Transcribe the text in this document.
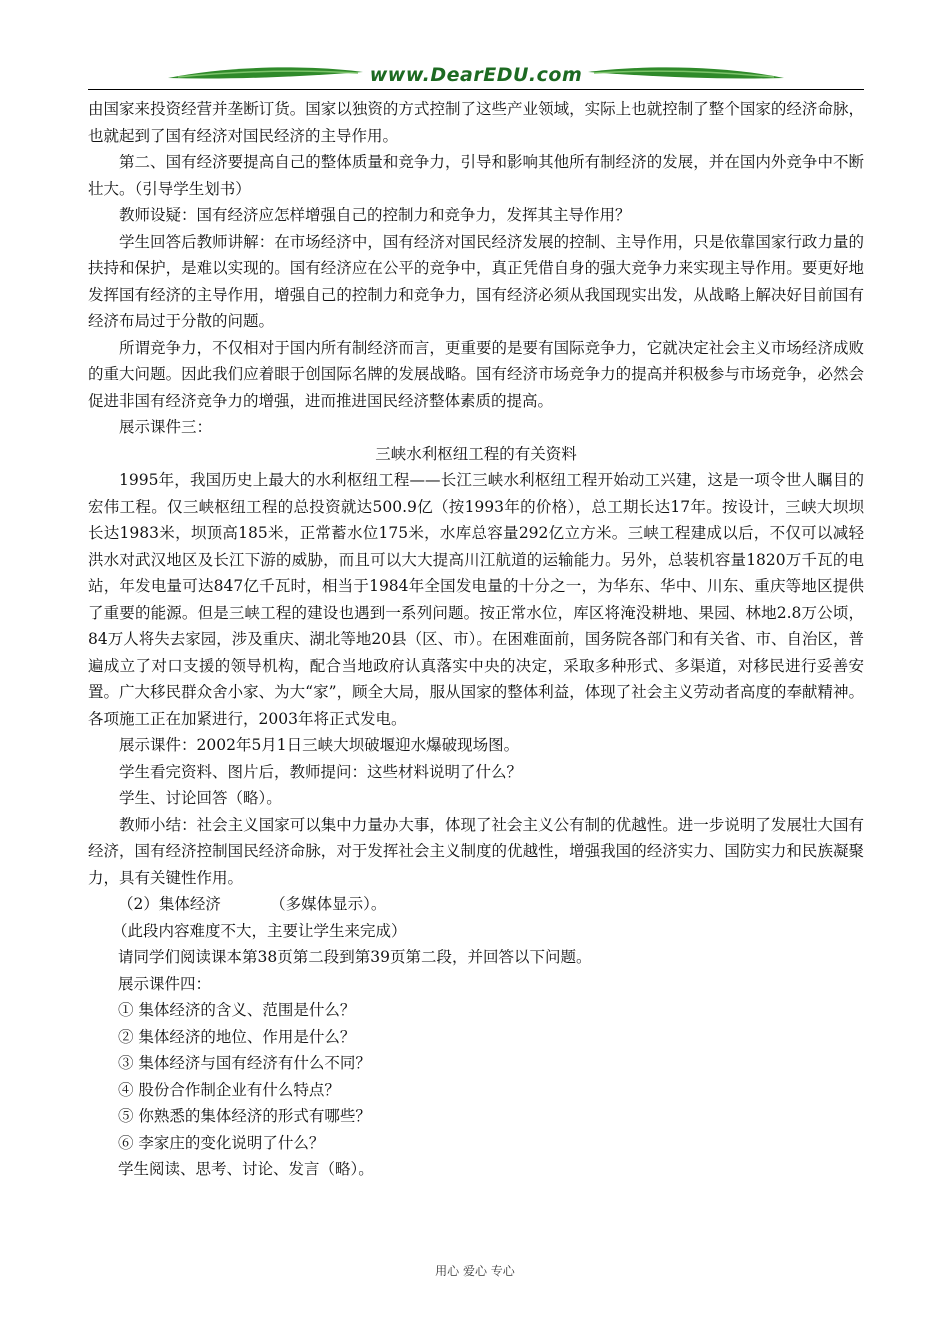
www.DearEDU.com

由国家来投资经营并垄断订货。国家以独资的方式控制了这些产业领域，实际上也就控制了整个国家的经济命脉，也就起到了国有经济对国民经济的主导作用。

第二、国有经济要提高自己的整体质量和竞争力，引导和影响其他所有制经济的发展，并在国内外竞争中不断壮大。（引导学生划书）

教师设疑：国有经济应怎样增强自己的控制力和竞争力，发挥其主导作用？

学生回答后教师讲解：在市场经济中，国有经济对国民经济发展的控制、主导作用，只是依靠国家行政力量的扶持和保护，是难以实现的。国有经济应在公平的竞争中，真正凭借自身的强大竞争力来实现主导作用。要更好地发挥国有经济的主导作用，增强自己的控制力和竞争力，国有经济必须从我国现实出发，从战略上解决好目前国有经济布局过于分散的问题。

所谓竞争力，不仅相对于国内所有制经济而言，更重要的是要有国际竞争力，它就决定社会主义市场经济成败的重大问题。因此我们应着眼于创国际名牌的发展战略。国有经济市场竞争力的提高并积极参与市场竞争，必然会促进非国有经济竞争力的增强，进而推进国民经济整体素质的提高。

展示课件三：

三峡水利枢纽工程的有关资料

1995年，我国历史上最大的水利枢纽工程——长江三峡水利枢纽工程开始动工兴建，这是一项令世人瞩目的宏伟工程。仅三峡枢纽工程的总投资就达500.9亿（按1993年的价格），总工期长达17年。按设计，三峡大坝坝长达1983米，坝顶高185米，正常蓄水位175米，水库总容量292亿立方米。三峡工程建成以后，不仅可以减轻洪水对武汉地区及长江下游的威胁，而且可以大大提高川江航道的运输能力。另外，总装机容量1820万千瓦的电站，年发电量可达847亿千瓦时，相当于1984年全国发电量的十分之一，为华东、华中、川东、重庆等地区提供了重要的能源。但是三峡工程的建设也遇到一系列问题。按正常水位，库区将淹没耕地、果园、林地2.8万公顷，84万人将失去家园，涉及重庆、湖北等地20县（区、市）。在困难面前，国务院各部门和有关省、市、自治区，普遍成立了对口支援的领导机构，配合当地政府认真落实中央的决定，采取多种形式、多渠道，对移民进行妥善安置。广大移民群众舍小家、为大“家”，顾全大局，服从国家的整体利益，体现了社会主义劳动者高度的奉献精神。各项施工正在加紧进行，2003年将正式发电。

展示课件：2002年5月1日三峡大坝破堰迎水爆破现场图。

学生看完资料、图片后，教师提问：这些材料说明了什么？

学生、讨论回答（略）。

教师小结：社会主义国家可以集中力量办大事，体现了社会主义公有制的优越性。进一步说明了发展壮大国有经济，国有经济控制国民经济命脉，对于发挥社会主义制度的优越性，增强我国的经济实力、国防实力和民族凝聚力，具有关键性作用。

（2）集体经济          （多媒体显示）。

（此段内容难度不大，主要让学生来完成）

请同学们阅读课本第38页第二段到第39页第二段，并回答以下问题。

展示课件四：

① 集体经济的含义、范围是什么？

② 集体经济的地位、作用是什么？

③ 集体经济与国有经济有什么不同？

④ 股份合作制企业有什么特点？

⑤ 你熟悉的集体经济的形式有哪些？

⑥ 李家庄的变化说明了什么？

学生阅读、思考、讨论、发言（略）。

用心 爱心 专心
